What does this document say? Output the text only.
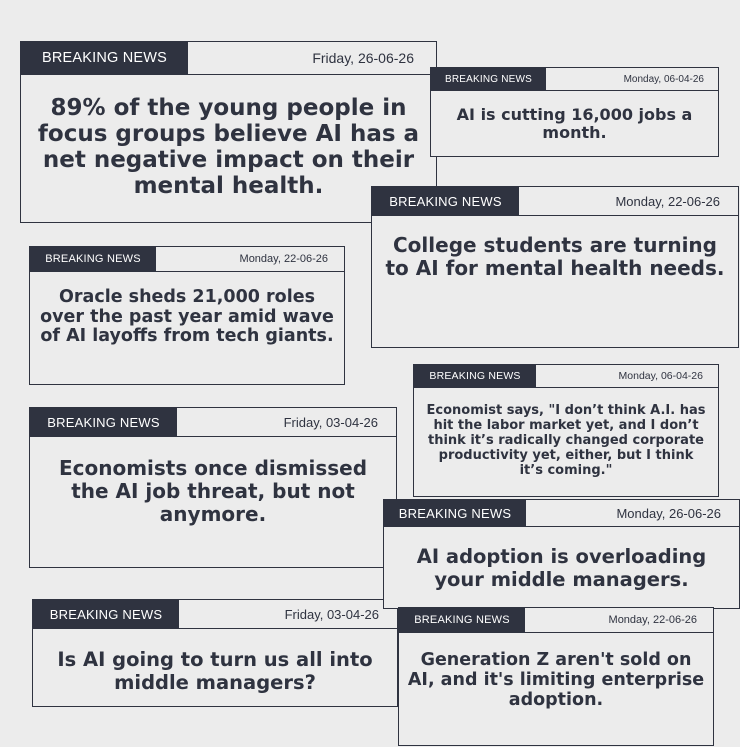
BREAKING NEWS	Friday, 26-06-26

89% of the young people in focus groups believe AI has a net negative impact on their mental health.

BREAKING NEWS	Monday, 22-06-26

Oracle sheds 21,000 roles over the past year amid wave of AI layoffs from tech giants.

BREAKING NEWS	Friday, 03-04-26

Economists once dismissed the AI job threat, but not anymore.

BREAKING NEWS	Friday, 03-04-26

Is AI going to turn us all into middle managers?

BREAKING NEWS	Monday, 06-04-26

AI is cutting 16,000 jobs a month.

BREAKING NEWS	Monday, 22-06-26

College students are turning to AI for mental health needs.

BREAKING NEWS	Monday, 06-04-26

Economist says, "I don’t think A.I. has hit the labor market yet, and I don’t think it’s radically changed corporate productivity yet, either, but I think it’s coming."

BREAKING NEWS	Monday, 26-06-26

AI adoption is overloading your middle managers.

BREAKING NEWS	Monday, 22-06-26

Generation Z aren't sold on AI, and it's limiting enterprise adoption.
